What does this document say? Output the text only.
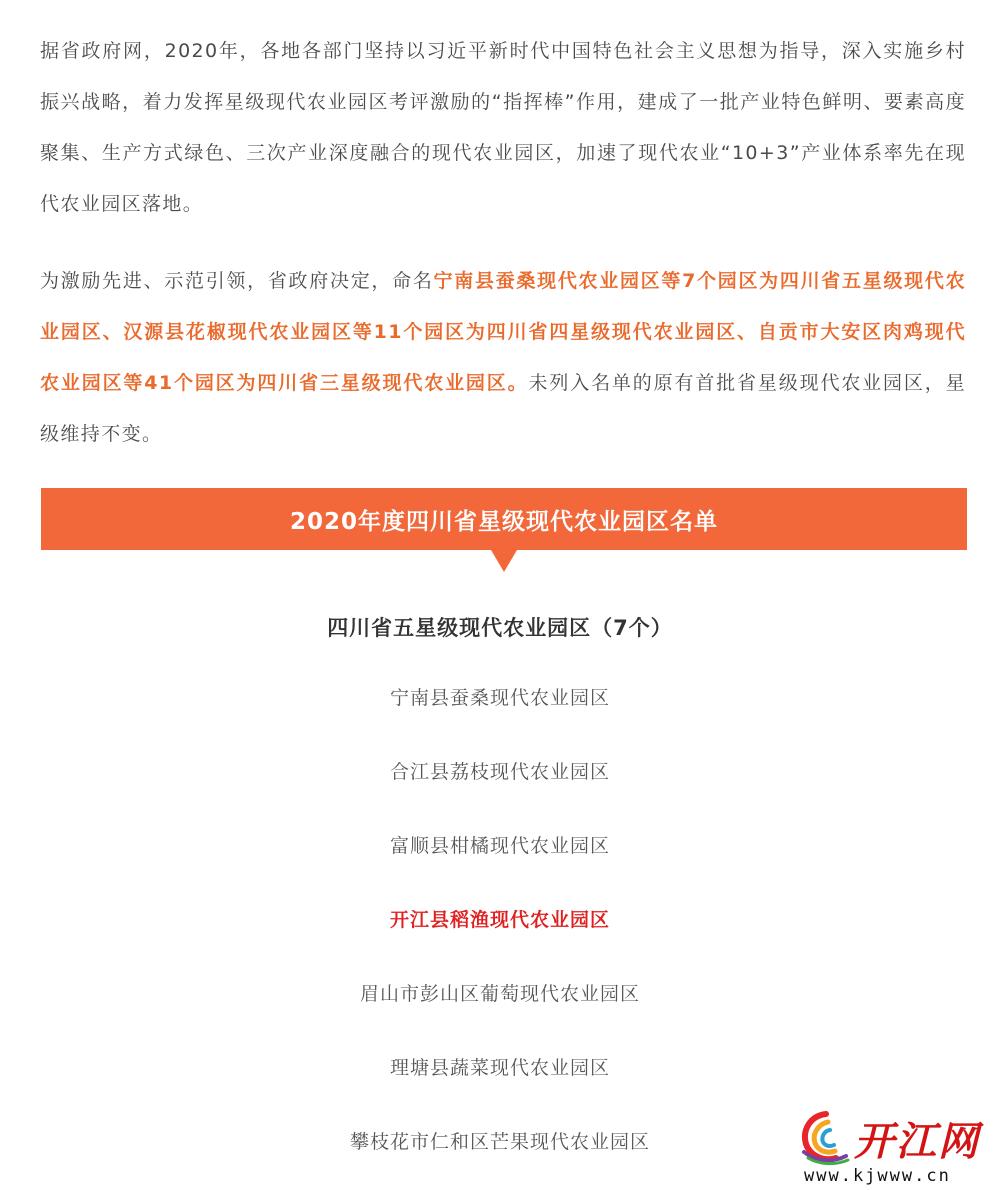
据省政府网，2020年，各地各部门坚持以习近平新时代中国特色社会主义思想为指导，深入实施乡村振兴战略，着力发挥星级现代农业园区考评激励的“指挥棒”作用，建成了一批产业特色鲜明、要素高度聚集、生产方式绿色、三次产业深度融合的现代农业园区，加速了现代农业“10+3”产业体系率先在现代农业园区落地。

为激励先进、示范引领，省政府决定，命名宁南县蚕桑现代农业园区等7个园区为四川省五星级现代农业园区、汉源县花椒现代农业园区等11个园区为四川省四星级现代农业园区、自贡市大安区肉鸡现代农业园区等41个园区为四川省三星级现代农业园区。未列入名单的原有首批省星级现代农业园区，星级维持不变。

2020年度四川省星级现代农业园区名单
四川省五星级现代农业园区（7个）
宁南县蚕桑现代农业园区
合江县荔枝现代农业园区
富顺县柑橘现代农业园区
开江县稻渔现代农业园区
眉山市彭山区葡萄现代农业园区
理塘县蔬菜现代农业园区
攀枝花市仁和区芒果现代农业园区	开江网
www.kjwww.cn
